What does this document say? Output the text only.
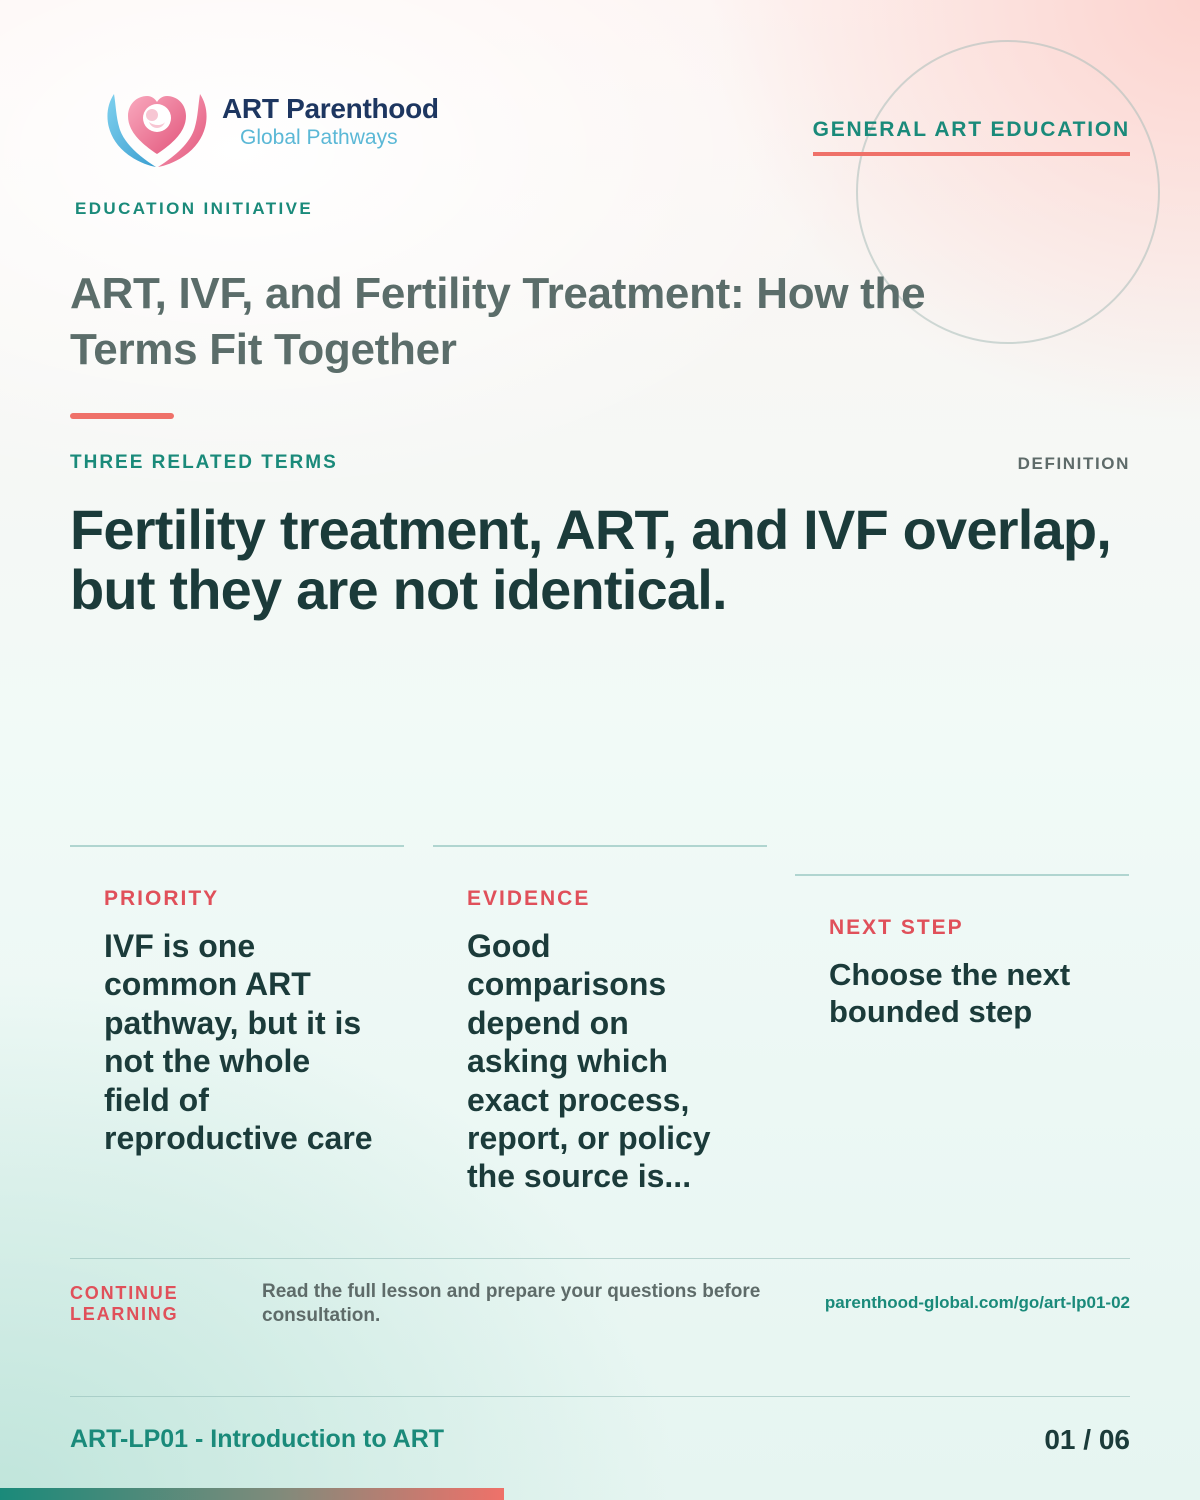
ART Parenthood
Global Pathways
EDUCATION INITIATIVE
GENERAL ART EDUCATION
ART, IVF, and Fertility Treatment: How the Terms Fit Together
THREE RELATED TERMS	DEFINITION
Fertility treatment, ART, and IVF overlap, but they are not identical.
PRIORITY
IVF is one common ART pathway, but it is not the whole field of reproductive care
EVIDENCE
Good comparisons depend on asking which exact process, report, or policy the source is...
NEXT STEP
Choose the next bounded step
CONTINUE LEARNING
Read the full lesson and prepare your questions before consultation.
parenthood-global.com/go/art-lp01-02
ART-LP01 - Introduction to ART	01 / 06
